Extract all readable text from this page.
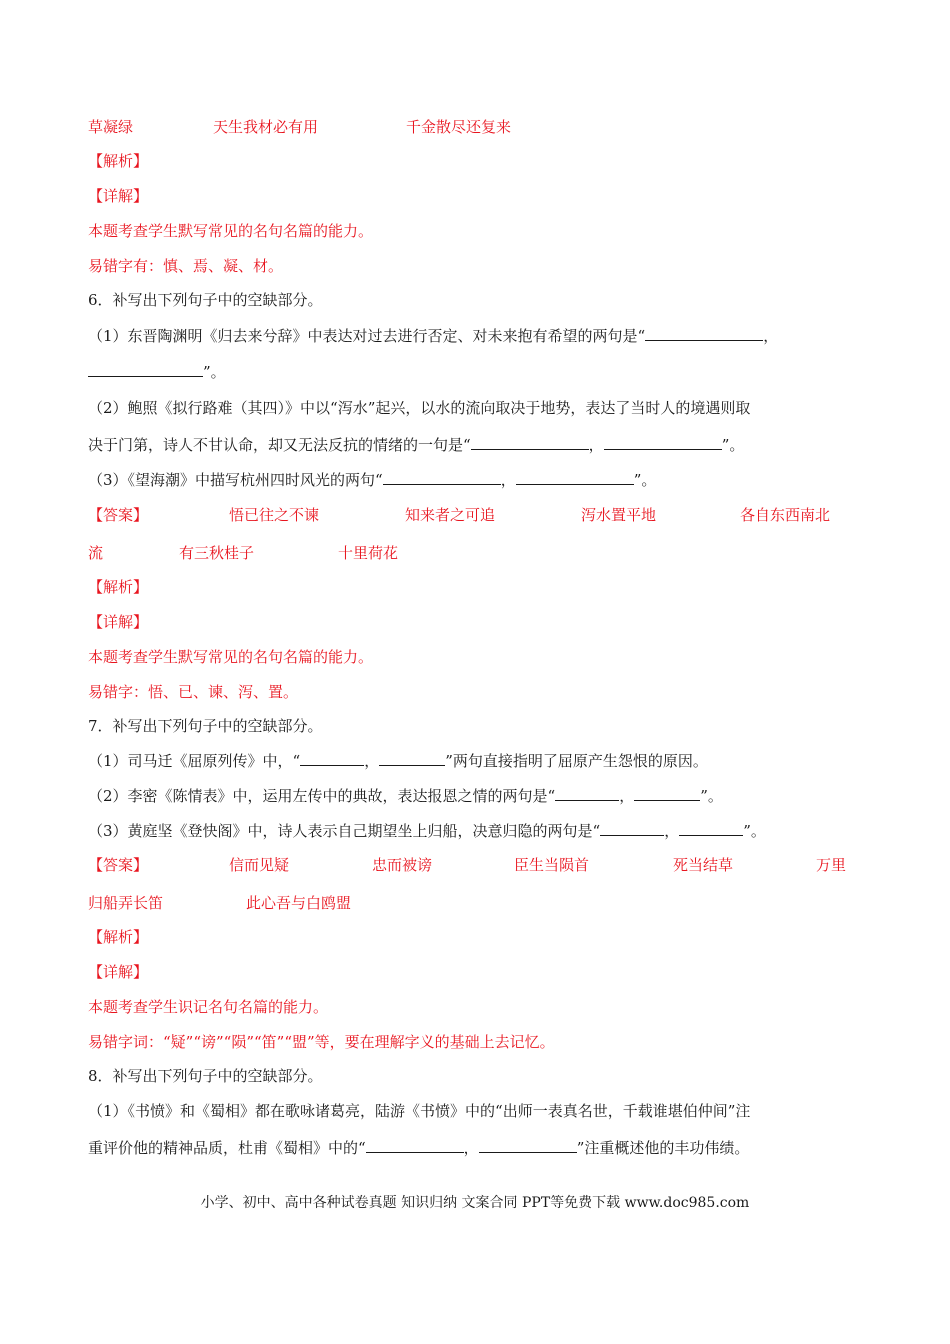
草凝绿	天生我材必有用	千金散尽还复来
【解析】
【详解】
本题考查学生默写常见的名句名篇的能力。
易错字有：慎、焉、凝、材。
6．补写出下列句子中的空缺部分。
（1）东晋陶渊明《归去来兮辞》中表达对过去进行否定、对未来抱有希望的两句是“	，
”。
（2）鲍照《拟行路难（其四）》中以“泻水”起兴，以水的流向取决于地势，表达了当时人的境遇则取
决于门第，诗人不甘认命，却又无法反抗的情绪的一句是“	，	”。
（3）《望海潮》中描写杭州四时风光的两句“	，	”。
【答案】	悟已往之不谏	知来者之可追	泻水置平地	各自东西南北
流	有三秋桂子	十里荷花
【解析】
【详解】
本题考查学生默写常见的名句名篇的能力。
易错字：悟、已、谏、泻、置。
7．补写出下列句子中的空缺部分。
（1）司马迁《屈原列传》中，“	，	”两句直接指明了屈原产生怨恨的原因。
（2）李密《陈情表》中，运用左传中的典故，表达报恩之情的两句是“	，	”。
（3）黄庭坚《登快阁》中，诗人表示自己期望坐上归船，决意归隐的两句是“	，	”。
【答案】	信而见疑	忠而被谤	臣生当陨首	死当结草	万里
归船弄长笛	此心吾与白鸥盟
【解析】
【详解】
本题考查学生识记名句名篇的能力。
易错字词：“疑”“谤”“陨”“笛”“盟”等，要在理解字义的基础上去记忆。
8．补写出下列句子中的空缺部分。
（1）《书愤》和《蜀相》都在歌咏诸葛亮，陆游《书愤》中的“出师一表真名世，千载谁堪伯仲间”注
重评价他的精神品质，杜甫《蜀相》中的“	，	”注重概述他的丰功伟绩。
小学、初中、高中各种试卷真题 知识归纳 文案合同 PPT等免费下载 www.doc985.com
